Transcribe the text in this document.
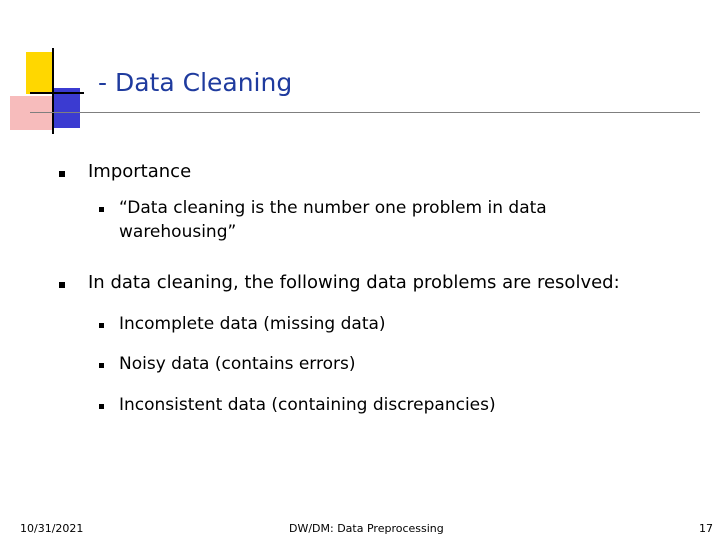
- Data Cleaning
Importance
“Data cleaning is the number one problem in data
warehousing”
In data cleaning, the following data problems are resolved:
Incomplete data (missing data)
Noisy data (contains errors)
Inconsistent data (containing discrepancies)
10/31/2021	DW/DM: Data Preprocessing	17
